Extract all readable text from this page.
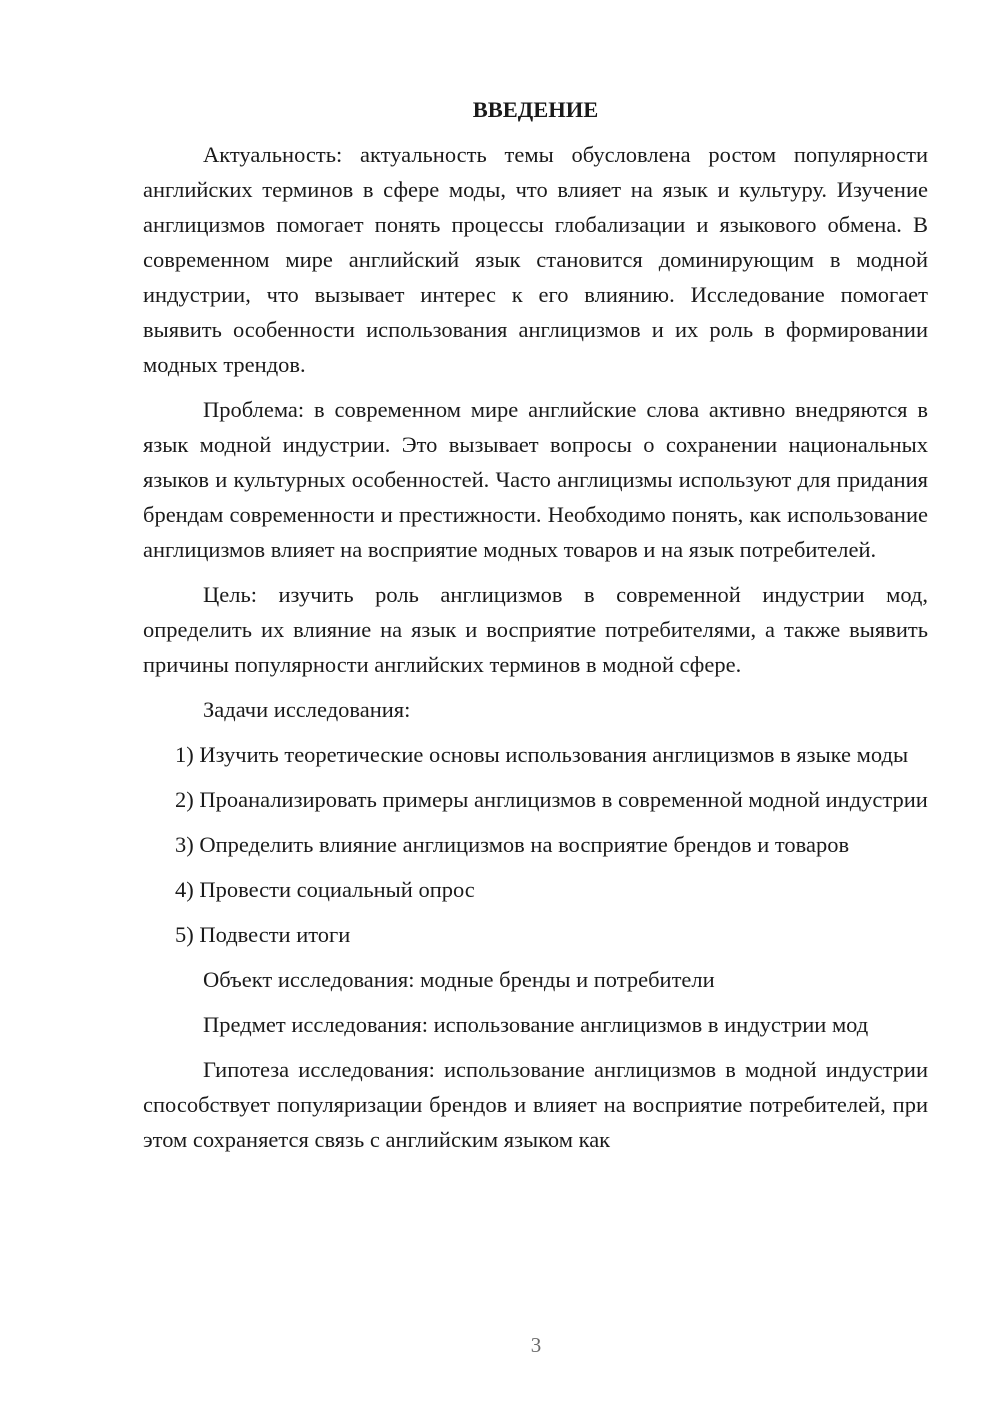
ВВЕДЕНИЕ

Актуальность: актуальность темы обусловлена ростом популярности английских терминов в сфере моды, что влияет на язык и культуру. Изучение англицизмов помогает понять процессы глобализации и языкового обмена. В современном мире английский язык становится доминирующим в модной индустрии, что вызывает интерес к его влиянию. Исследование помогает выявить особенности использования англицизмов и их роль в формировании модных трендов.

Проблема: в современном мире английские слова активно внедряются в язык модной индустрии. Это вызывает вопросы о сохранении национальных языков и культурных особенностей. Часто англицизмы используют для придания брендам современности и престижности. Необходимо понять, как использование англицизмов влияет на восприятие модных товаров и на язык потребителей.

Цель: изучить роль англицизмов в современной индустрии мод, определить их влияние на язык и восприятие потребителями, а также выявить причины популярности английских терминов в модной сфере.

Задачи исследования:

1) Изучить теоретические основы использования англицизмов в языке моды

2) Проанализировать примеры англицизмов в современной модной индустрии

3) Определить влияние англицизмов на восприятие брендов и товаров

4) Провести социальный опрос

5) Подвести итоги

Объект исследования: модные бренды и потребители

Предмет исследования: использование англицизмов в индустрии мод

Гипотеза исследования: использование англицизмов в модной индустрии способствует популяризации брендов и влияет на восприятие потребителей, при этом сохраняется связь с английским языком как

3
